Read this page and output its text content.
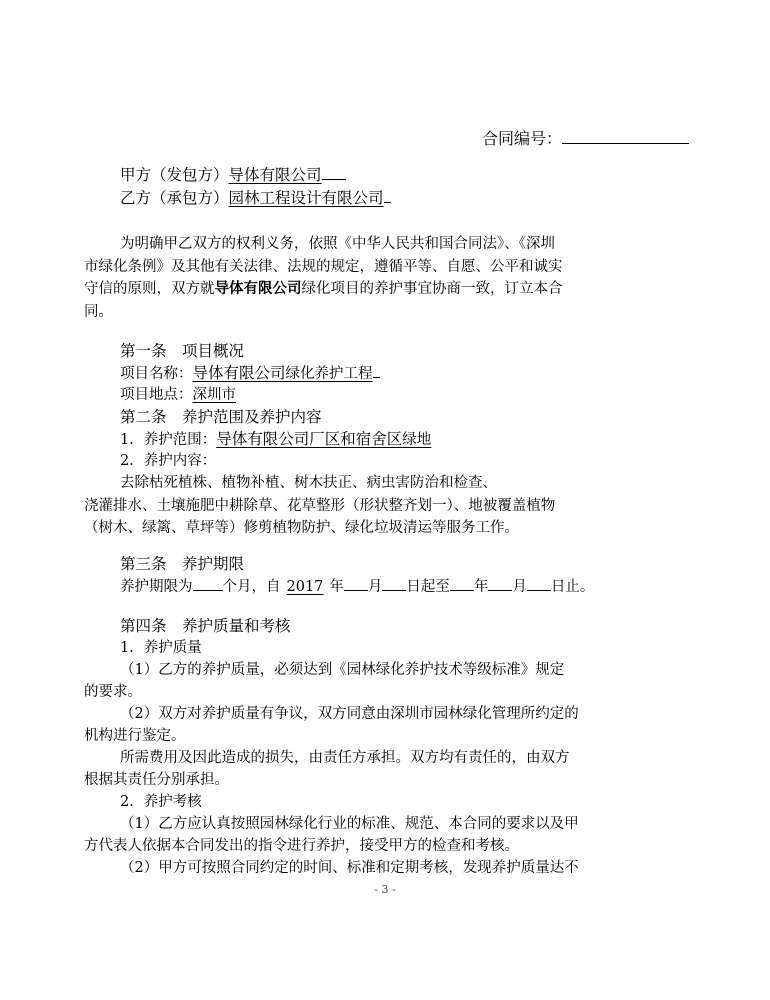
合同编号：
甲方（发包方）导体有限公司
乙方（承包方）园林工程设计有限公司
为明确甲乙双方的权利义务，依照《中华人民共和国合同法》、《深圳
市绿化条例》及其他有关法律、法规的规定，遵循平等、自愿、公平和诚实
守信的原则，双方就导体有限公司绿化项目的养护事宜协商一致，订立本合
同。
第一条　项目概况
项目名称：导体有限公司绿化养护工程
项目地点：深圳市
第二条　养护范围及养护内容
1．养护范围：导体有限公司厂区和宿舍区绿地
2．养护内容：
去除枯死植株、植物补植、树木扶正、病虫害防治和检查、
浇灌排水、土壤施肥中耕除草、花草整形（形状整齐划一）、地被覆盖植物
（树木、绿篱、草坪等）修剪植物防护、绿化垃圾清运等服务工作。
第三条　养护期限
养护期限为 个月，自 2017 年 月 日起至 年 月 日止。
第四条　养护质量和考核
1．养护质量
（1）乙方的养护质量，必须达到《园林绿化养护技术等级标准》规定
的要求。
（2）双方对养护质量有争议，双方同意由深圳市园林绿化管理所约定的
机构进行鉴定。
所需费用及因此造成的损失，由责任方承担。双方均有责任的，由双方
根据其责任分别承担。
2．养护考核
（1）乙方应认真按照园林绿化行业的标准、规范、本合同的要求以及甲
方代表人依据本合同发出的指令进行养护，接受甲方的检查和考核。
（2）甲方可按照合同约定的时间、标准和定期考核，发现养护质量达不
- 3 -
